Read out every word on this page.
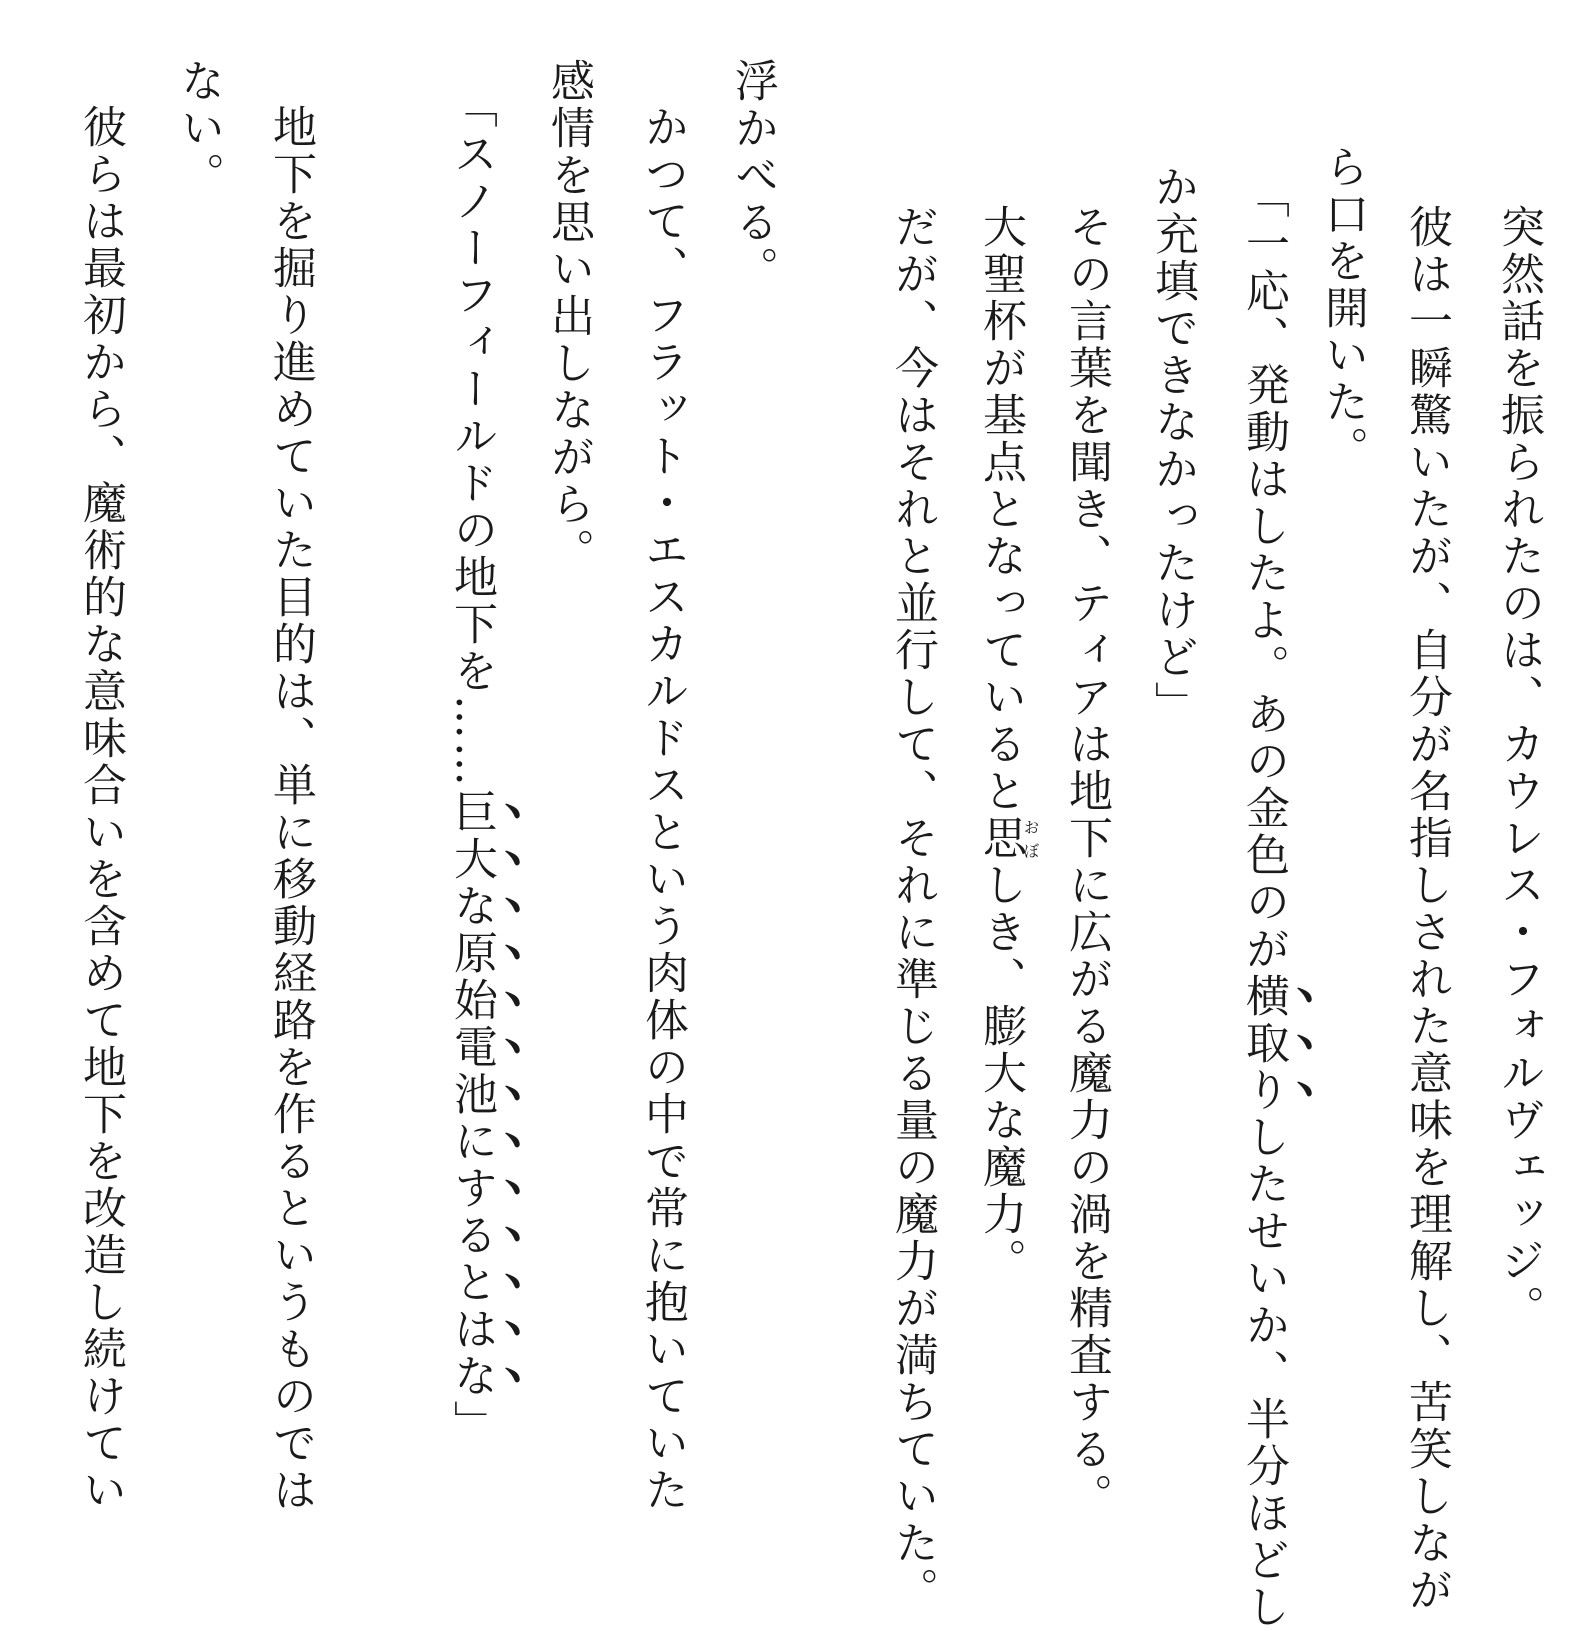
突然話を振られたのは、カウレス・フォルヴェッジ。
彼は一瞬驚いたが、自分が名指しされた意味を理解し、苦笑しなが
ら口を開いた。
「一応、発動はしたよ。あの金色のが横取りしたせいか、半分ほどし
か充填できなかったけど」
その言葉を聞き、ティアは地下に広がる魔力の渦を精査する。
大聖杯が基点となっていると思おぼしき、膨大な魔力。
だが、今はそれと並行して、それに準じる量の魔力が満ちていた。
浮かべる。
かつて、フラット・エスカルドスという肉体の中で常に抱いていた
感情を思い出しながら。
「スノーフィールドの地下を……巨大な原始電池にするとはな」
地下を掘り進めていた目的は、単に移動経路を作るというものでは
ない。
彼らは最初から、魔術的な意味合いを含めて地下を改造し続けてい
